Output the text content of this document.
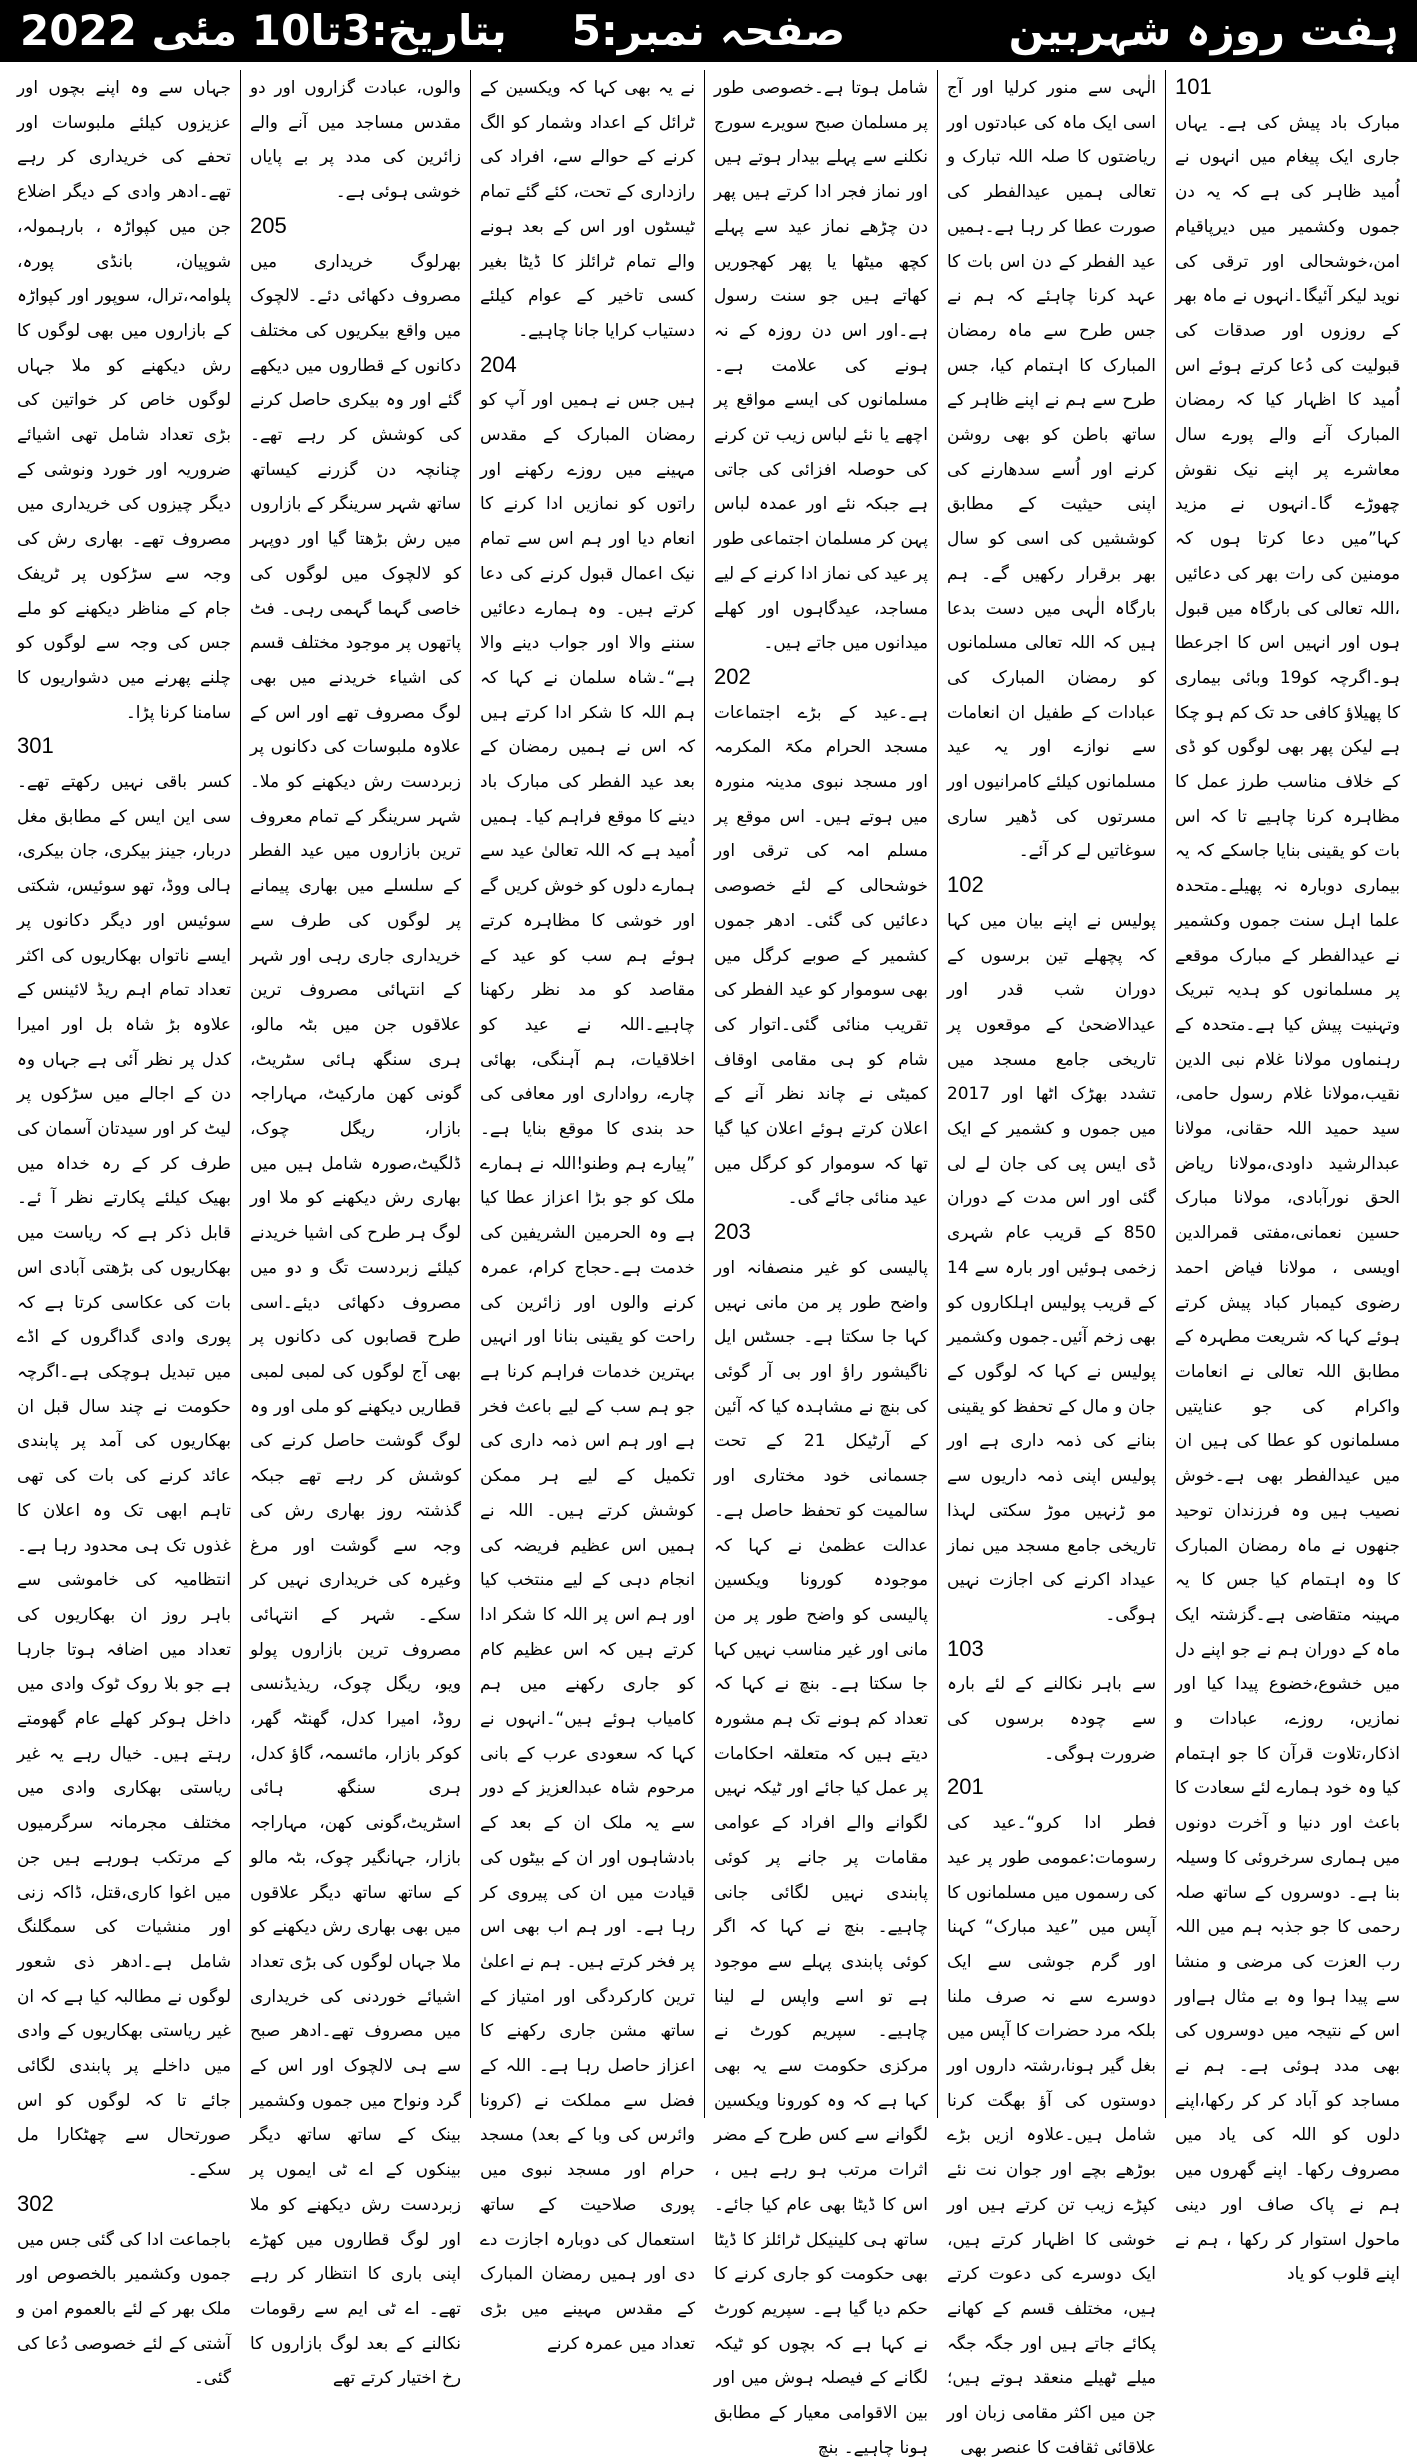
ہفت روزہ شہربین
صفحہ نمبر:5
بتاریخ:3تا10 مئی 2022
101

مبارک باد پیش کی ہے۔ یہاں جاری ایک پیغام میں انہوں نے اُمید ظاہر کی ہے کہ یہ دن جموں وکشمیر میں دیرپاقیام امن،خوشحالی اور ترقی کی نوید لیکر آئیگا۔انہوں نے ماہ بھر کے روزوں اور صدقات کی قبولیت کی دُعا کرتے ہوئے اس اُمید کا اظہار کیا کہ رمضان المبارک آنے والے پورے سال معاشرے پر اپنے نیک نقوش چھوڑے گا۔انہوں نے مزید کہا”میں دعا کرتا ہوں کہ مومنین کی رات بھر کی دعائیں ،اللہ تعالی کی بارگاہ میں قبول ہوں اور انہیں اس کا اجرعطا ہو۔اگرچہ کو19 وبائی بیماری کا پھیلاؤ کافی حد تک کم ہو چکا ہے لیکن پھر بھی لوگوں کو ڈی کے خلاف مناسب طرز عمل کا مظاہرہ کرنا چاہیے تا کہ اس بات کو یقینی بنایا جاسکے کہ یہ بیماری دوبارہ نہ پھیلے۔متحدہ علما اہل سنت جموں وکشمیر نے عیدالفطر کے مبارک موقعے پر مسلمانوں کو ہدیہ تبریک وتہنیت پیش کیا ہے۔متحدہ کے رہنماوں مولانا غلام نبی الدین نقیب،مولانا غلام رسول حامی، سید حمید اللہ حقانی، مولانا عبدالرشید داودی،مولانا ریاض الحق نورآبادی، مولانا مبارک حسین نعمانی،مفتی قمرالدین اویسی ، مولانا فیاض احمد رضوی کیمبار کباد پیش کرتے ہوئے کہا کہ شریعت مطہرہ کے مطابق اللہ تعالی نے انعامات واکرام کی جو عنایتیں مسلمانوں کو عطا کی ہیں ان میں عیدالفطر بھی ہے۔خوش نصیب ہیں وہ فرزندان توحید جنھوں نے ماہ رمضان المبارک کا وہ اہتمام کیا جس کا یہ مہینہ متقاضی ہے۔گزشتہ ایک ماہ کے دوران ہم نے جو اپنے دل میں خشوع،خضوع پیدا کیا اور نمازیں، روزے، عبادات و اذکار،تلاوت قرآن کا جو اہتمام کیا وہ خود ہمارے لئے سعادت کا باعث اور دنیا و آخرت دونوں میں ہماری سرخروئی کا وسیلہ بنا ہے۔ دوسروں کے ساتھ صلہ رحمی کا جو جذبہ ہم میں اللہ رب العزت کی مرضی و منشا سے پیدا ہوا وہ بے مثال ہےاور اس کے نتیجہ میں دوسروں کی بھی مدد ہوئی ہے۔ ہم نے مساجد کو آباد کر کر رکھا،اپنے دلوں کو اللہ کی یاد میں مصروف رکھا۔ اپنے گھروں میں ہم نے پاک صاف اور دینی ماحول استوار کر رکھا ، ہم نے اپنے قلوب کو یاد

الٰہی سے منور کرلیا اور آج اسی ایک ماہ کی عبادتوں اور ریاضتوں کا صلہ اللہ تبارک و تعالی ہمیں عیدالفطر کی صورت عطا کر رہا ہے۔ہمیں عید الفطر کے دن اس بات کا عہد کرنا چاہئے کہ ہم نے جس طرح سے ماہ رمضان المبارک کا اہتمام کیا، جس طرح سے ہم نے اپنے ظاہر کے ساتھ باطن کو بھی روشن کرنے اور اُسے سدھارنے کی اپنی حیثیت کے مطابق کوششیں کی اسی کو سال بھر برقرار رکھیں گے۔ ہم بارگاہ الٰہی میں دست بدعا ہیں کہ اللہ تعالی مسلمانوں کو رمضان المبارک کی عبادات کے طفیل ان انعامات سے نوازے اور یہ عید مسلمانوں کیلئے کامرانیوں اور مسرتوں کی ڈھیر ساری سوغاتیں لے کر آئے۔

102

پولیس نے اپنے بیان میں کہا کہ پچھلے تین برسوں کے دوران شب قدر اور عیدالاضحیٰ کے موقعوں پر تاریخی جامع مسجد میں تشدد بھڑک اٹھا اور 2017 میں جموں و کشمیر کے ایک ڈی ایس پی کی جان لے لی گئی اور اس مدت کے دوران 850 کے قریب عام شہری زخمی ہوئیں اور بارہ سے 14 کے قریب پولیس اہلکاروں کو بھی زخم آئیں۔جموں وکشمیر پولیس نے کہا کہ لوگوں کے جان و مال کے تحفظ کو یقینی بنانے کی ذمہ داری ہے اور پولیس اپنی ذمہ داریوں سے مو ڑنہیں موڑ سکتی لہذا تاریخی جامع مسجد میں نماز عیداد اکرنے کی اجازت نہیں ہوگی۔

103

سے باہر نکالنے کے لئے بارہ سے چودہ برسوں کی ضرورت ہوگی۔

201

فطر ادا کرو“۔عید کی رسومات:عمومی طور پر عید کی رسموں میں مسلمانوں کا آپس میں ”عید مبارک“ کہنا اور گرم جوشی سے ایک دوسرے سے نہ صرف ملنا بلکہ مرد حضرات کا آپس میں بغل گیر ہونا،رشتہ داروں اور دوستوں کی آؤ بھگت کرنا شامل ہیں۔علاوہ ازیں بڑے بوڑھے بچے اور جوان نت نئے کپڑے زیب تن کرتے ہیں اور خوشی کا اظہار کرتے ہیں، ایک دوسرے کی دعوت کرتے ہیں، مختلف قسم کے کھانے پکائے جاتے ہیں اور جگہ جگہ میلے ٹھیلے منعقد ہوتے ہیں؛ جن میں اکثر مقامی زبان اور علاقائی ثقافت کا عنصر بھی

شامل ہوتا ہے۔خصوصی طور پر مسلمان صبح سویرے سورج نکلنے سے پہلے بیدار ہوتے ہیں اور نماز فجر ادا کرتے ہیں پھر دن چڑھے نماز عید سے پہلے کچھ میٹھا یا پھر کھجوریں کھاتے ہیں جو سنت رسول ہے۔اور اس دن روزہ کے نہ ہونے کی علامت ہے۔ مسلمانوں کی ایسے مواقع پر اچھے یا نئے لباس زیب تن کرنے کی حوصلہ افزائی کی جاتی ہے جبکہ نئے اور عمدہ لباس پہن کر مسلمان اجتماعی طور پر عید کی نماز ادا کرنے کے لیے مساجد، عیدگاہوں اور کھلے میدانوں میں جاتے ہیں۔

202

ہے۔عید کے بڑے اجتماعات مسجد الحرام مکۃ المکرمہ اور مسجد نبوی مدینہ منورہ میں ہوتے ہیں۔ اس موقع پر مسلم امہ کی ترقی اور خوشحالی کے لئے خصوصی دعائیں کی گئی۔ ادھر جموں کشمیر کے صوبے کرگل میں بھی سوموار کو عید الفطر کی تقریب منائی گئی۔اتوار کی شام کو ہی مقامی اوقاف کمیٹی نے چاند نظر آنے کے اعلان کرتے ہوئے اعلان کیا گیا تھا کہ سوموار کو کرگل میں عید منائی جائے گی۔

203

پالیسی کو غیر منصفانہ اور واضح طور پر من مانی نہیں کہا جا سکتا ہے۔ جسٹس ایل ناگیشور راؤ اور بی آر گوئی کی بنچ نے مشاہدہ کیا کہ آئین کے آرٹیکل 21 کے تحت جسمانی خود مختاری اور سالمیت کو تحفظ حاصل ہے۔عدالت عظمیٰ نے کہا کہ موجودہ کورونا ویکسین پالیسی کو واضح طور پر من مانی اور غیر مناسب نہیں کہا جا سکتا ہے۔ بنچ نے کہا کہ تعداد کم ہونے تک ہم مشورہ دیتے ہیں کہ متعلقہ احکامات پر عمل کیا جائے اور ٹیکہ نہیں لگوانے والے افراد کے عوامی مقامات پر جانے پر کوئی پابندی نہیں لگائی جانی چاہیے۔ بنچ نے کہا کہ اگر کوئی پابندی پہلے سے موجود ہے تو اسے واپس لے لینا چاہیے۔ سپریم کورٹ نے مرکزی حکومت سے یہ بھی کہا ہے کہ وہ کورونا ویکسین لگوانے سے کس طرح کے مضر اثرات مرتب ہو رہے ہیں ، اس کا ڈیٹا بھی عام کیا جائے۔ ساتھ ہی کلینیکل ٹرائلز کا ڈیٹا بھی حکومت کو جاری کرنے کا حکم دیا گیا ہے۔ سپریم کورٹ نے کہا ہے کہ بچوں کو ٹیکہ لگانے کے فیصلہ ہوش میں اور بین الاقوامی معیار کے مطابق ہونا چاہیے۔ بنچ

نے یہ بھی کہا کہ ویکسین کے ٹرائل کے اعداد وشمار کو الگ کرنے کے حوالے سے، افراد کی رازداری کے تحت، کئے گئے تمام ٹیسٹوں اور اس کے بعد ہونے والے تمام ٹرائلز کا ڈیٹا بغیر کسی تاخیر کے عوام کیلئے دستیاب کرایا جانا چاہیے۔

204

ہیں جس نے ہمیں اور آپ کو رمضان المبارک کے مقدس مہینے میں روزے رکھنے اور راتوں کو نمازیں ادا کرنے کا انعام دیا اور ہم اس سے تمام نیک اعمال قبول کرنے کی دعا کرتے ہیں۔ وہ ہمارے دعائیں سننے والا اور جواب دینے والا ہے“۔شاہ سلمان نے کہا کہ ہم اللہ کا شکر ادا کرتے ہیں کہ اس نے ہمیں رمضان کے بعد عید الفطر کی مبارک باد دینے کا موقع فراہم کیا۔ ہمیں اُمید ہے کہ اللہ تعالیٰ عید سے ہمارے دلوں کو خوش کریں گے اور خوشی کا مظاہرہ کرتے ہوئے ہم سب کو عید کے مقاصد کو مد نظر رکھنا چاہیے۔اللہ نے عید کو اخلاقیات، ہم آہنگی، بھائی چارے، رواداری اور معافی کی حد بندی کا موقع بنایا ہے۔ ”پیارے ہم وطنو!اللہ نے ہمارے ملک کو جو بڑا اعزاز عطا کیا ہے وہ الحرمین الشریفین کی خدمت ہے۔حجاج کرام، عمرہ کرنے والوں اور زائرین کی راحت کو یقینی بنانا اور انہیں بہترین خدمات فراہم کرنا ہے جو ہم سب کے لیے باعث فخر ہے اور ہم اس ذمہ داری کی تکمیل کے لیے ہر ممکن کوشش کرتے ہیں۔ اللہ نے ہمیں اس عظیم فریضہ کی انجام دہی کے لیے منتخب کیا اور ہم اس پر اللہ کا شکر ادا کرتے ہیں کہ اس عظیم کام کو جاری رکھنے میں ہم کامیاب ہوئے ہیں“۔انہوں نے کہا کہ سعودی عرب کے بانی مرحوم شاہ عبدالعزیز کے دور سے یہ ملک ان کے بعد کے بادشاہوں اور ان کے بیٹوں کی قیادت میں ان کی پیروی کر رہا ہے۔ اور ہم اب بھی اس پر فخر کرتے ہیں۔ ہم نے اعلیٰ ترین کارکردگی اور امتیاز کے ساتھ مشن جاری رکھنے کا اعزاز حاصل رہا ہے۔ اللہ کے فضل سے مملکت نے (کرونا وائرس کی وبا کے بعد) مسجد حرام اور مسجد نبوی میں پوری صلاحیت کے ساتھ استعمال کی دوبارہ اجازت دے دی اور ہمیں رمضان المبارک کے مقدس مہینے میں بڑی تعداد میں عمرہ کرنے

والوں، عبادت گزاروں اور دو مقدس مساجد میں آنے والے زائرین کی مدد پر بے پایاں خوشی ہوئی ہے۔

205

بھرلوگ خریداری میں مصروف دکھائی دئے۔ لالچوک میں واقع بیکریوں کی مختلف دکانوں کے قطاروں میں دیکھے گئے اور وہ بیکری حاصل کرنے کی کوشش کر رہے تھے۔ چنانچہ دن گزرنے کیساتھ ساتھ شہر سرینگر کے بازاروں میں رش بڑھتا گیا اور دوپہر کو لالچوک میں لوگوں کی خاصی گہما گہمی رہی۔ فٹ پاتھوں پر موجود مختلف قسم کی اشیاء خریدنے میں بھی لوگ مصروف تھے اور اس کے علاوہ ملبوسات کی دکانوں پر زبردست رش دیکھنے کو ملا۔شہر سرینگر کے تمام معروف ترین بازاروں میں عید الفطر کے سلسلے میں بھاری پیمانے پر لوگوں کی طرف سے خریداری جاری رہی اور شہر کے انتہائی مصروف ترین علاقوں جن میں بٹہ مالو، ہری سنگھ ہائی سٹریٹ، گونی کھن مارکیٹ، مہاراجہ بازار، ریگل چوک، ڈلگیٹ،صورہ شامل ہیں میں بھاری رش دیکھنے کو ملا اور لوگ ہر طرح کی اشیا خریدنے کیلئے زبردست تگ و دو میں مصروف دکھائی دیئے۔اسی طرح قصابوں کی دکانوں پر بھی آج لوگوں کی لمبی لمبی قطاریں دیکھنے کو ملی اور وہ لوگ گوشت حاصل کرنے کی کوشش کر رہے تھے جبکہ گذشتہ روز بھاری رش کی وجہ سے گوشت اور مرغ وغیرہ کی خریداری نہیں کر سکے۔ شہر کے انتہائی مصروف ترین بازاروں پولو ویو، ریگل چوک، ریذیڈنسی روڈ، امیرا کدل، گھنٹہ گھر، کوکر بازار، مائسمہ، گاؤ کدل، ہری سنگھ ہائی اسٹریٹ،گونی کھن، مہاراجہ بازار، جہانگیر چوک، بٹہ مالو کے ساتھ ساتھ دیگر علاقوں میں بھی بھاری رش دیکھنے کو ملا جہاں لوگوں کی بڑی تعداد اشیائے خوردنی کی خریداری میں مصروف تھے۔ادھر صبح سے ہی لالچوک اور اس کے گرد ونواح میں جموں وکشمیر بینک کے ساتھ ساتھ دیگر بینکوں کے اے ٹی ایموں پر زبردست رش دیکھنے کو ملا اور لوگ قطاروں میں کھڑے اپنی باری کا انتظار کر رہے تھے۔ اے ٹی ایم سے رقومات نکالنے کے بعد لوگ بازاروں کا رخ اختیار کرتے تھے

جہاں سے وہ اپنے بچوں اور عزیزوں کیلئے ملبوسات اور تحفے کی خریداری کر رہے تھے۔ادھر وادی کے دیگر اضلاع جن میں کپواڑہ ، بارہمولہ، شوپیان، بانڈی پورہ، پلوامہ،ترال، سوپور اور کپواڑہ کے بازاروں میں بھی لوگوں کا رش دیکھنے کو ملا جہاں لوگوں خاص کر خواتین کی بڑی تعداد شامل تھی اشیائے ضروریہ اور خورد ونوشی کے دیگر چیزوں کی خریداری میں مصروف تھے۔ بھاری رش کی وجہ سے سڑکوں پر ٹریفک جام کے مناظر دیکھنے کو ملے جس کی وجہ سے لوگوں کو چلنے پھرنے میں دشواریوں کا سامنا کرنا پڑا۔

301

کسر باقی نہیں رکھتے تھے۔سی این ایس کے مطابق مغل دربار، جینز بیکری، جان بیکری، ہالی ووڈ، تھو سوئیس، شکتی سوئیس اور دیگر دکانوں پر ایسے ناتواں بھکاریوں کی اکثر تعداد تمام اہم ریڈ لائینس کے علاوہ بڑ شاہ بل اور امیرا کدل پر نظر آئی ہے جہاں وہ دن کے اجالے میں سڑکوں پر لیٹ کر اور سیدتان آسمان کی طرف کر کے رہ خداہ میں بھیک کیلئے پکارتے نظر آ ئے۔قابل ذکر ہے کہ ریاست میں بھکاریوں کی بڑھتی آبادی اس بات کی عکاسی کرتا ہے کہ پوری وادی گداگروں کے اڈے میں تبدیل ہوچکی ہے۔اگرچہ حکومت نے چند سال قبل ان بھکاریوں کی آمد پر پابندی عائد کرنے کی بات کی تھی تاہم ابھی تک وہ اعلان کا غذوں تک ہی محدود رہا ہے۔انتظامیہ کی خاموشی سے باہر روز ان بھکاریوں کی تعداد میں اضافہ ہوتا جارہا ہے جو بلا روک ٹوک وادی میں داخل ہوکر کھلے عام گھومتے رہتے ہیں۔ خیال رہے یہ غیر ریاستی بھکاری وادی میں مختلف مجرمانہ سرگرمیوں کے مرتکب ہورہے ہیں جن میں اغوا کاری،قتل، ڈاکہ زنی اور منشیات کی سمگلنگ شامل ہے۔ادھر ذی شعور لوگوں نے مطالبہ کیا ہے کہ ان غیر ریاستی بھکاریوں کے وادی میں داخلے پر پابندی لگائی جائے تا کہ لوگوں کو اس صورتحال سے چھٹکارا مل سکے۔

302

باجماعت ادا کی گئی جس میں جموں وکشمیر بالخصوص اور ملک بھر کے لئے بالعموم امن و آشتی کے لئے خصوصی دُعا کی گئی۔
